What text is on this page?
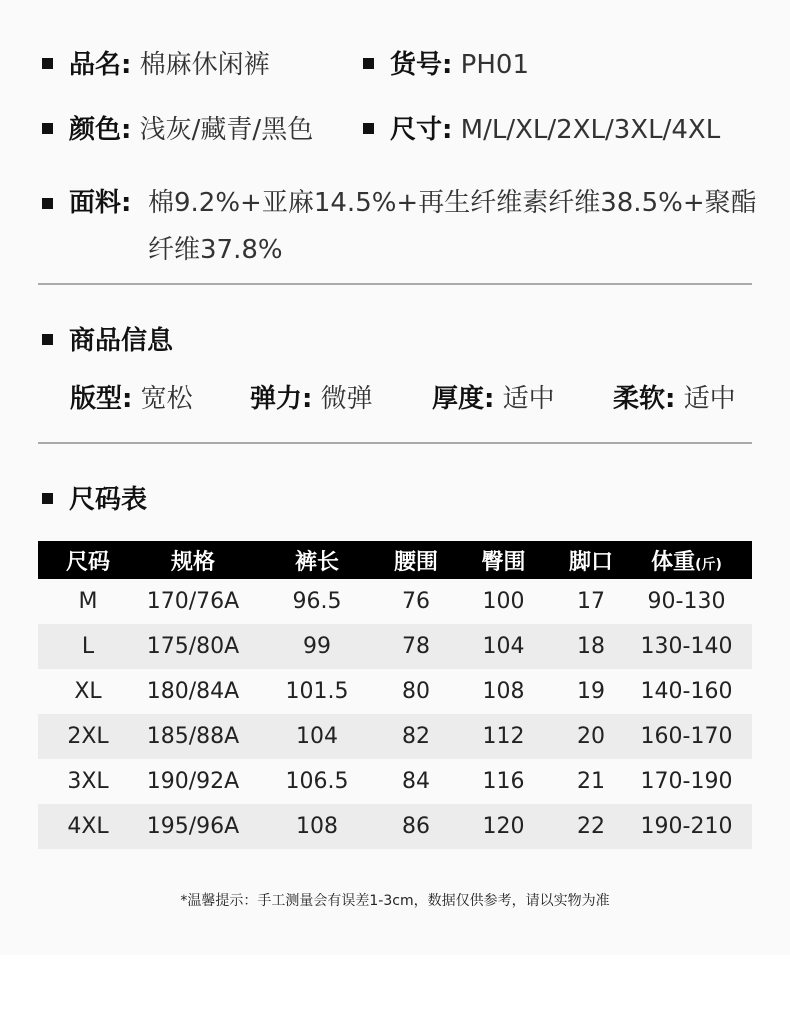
品名: 棉麻休闲裤	货号: PH01
颜色: 浅灰/藏青/黑色	尺寸: M/L/XL/2XL/3XL/4XL
面料: 棉9.2%+亚麻14.5%+再生纤维素纤维38.5%+聚酯纤维37.8%
商品信息
版型: 宽松 弹力: 微弹 厚度: 适中 柔软: 适中
尺码表
尺码	规格	裤长	腰围	臀围	脚口	体重(斤)
M	170/76A	96.5	76	100	17	90-130
L	175/80A	99	78	104	18	130-140
XL	180/84A	101.5	80	108	19	140-160
2XL	185/88A	104	82	112	20	160-170
3XL	190/92A	106.5	84	116	21	170-190
4XL	195/96A	108	86	120	22	190-210
*温馨提示：手工测量会有误差1-3cm，数据仅供参考，请以实物为准
